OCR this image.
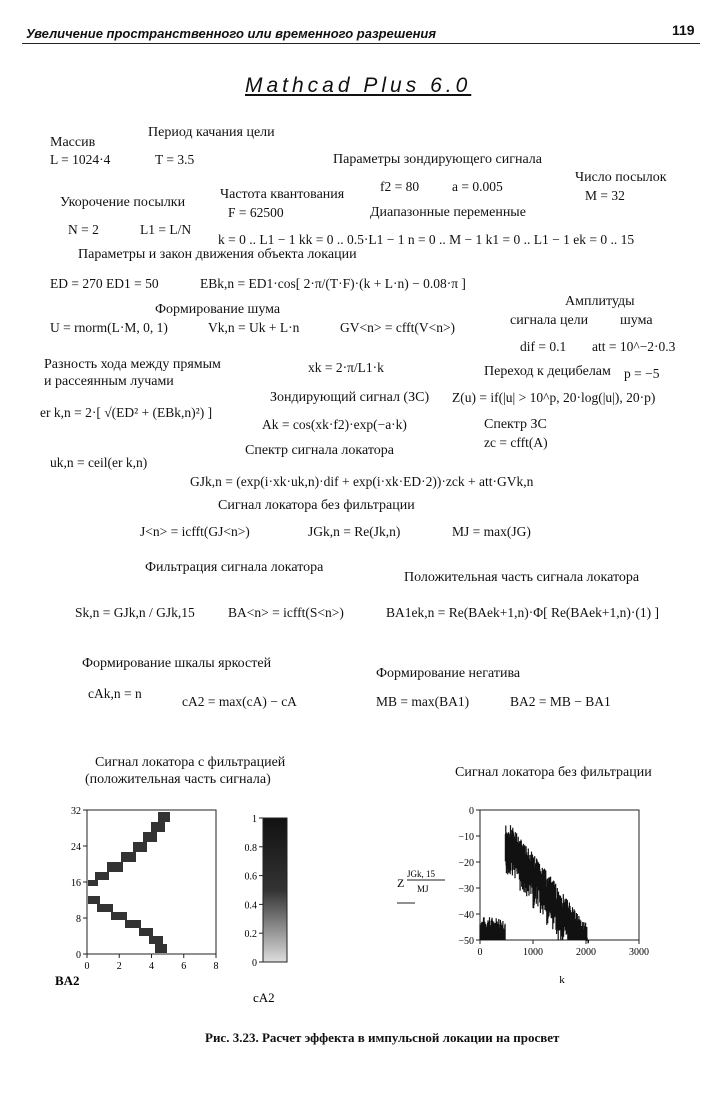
Увеличение пространственного или временного разрешения	119
Mathcad Plus 6.0
Массив
Период качания цели
L = 1024·4	T = 3.5	Параметры зондирующего сигнала
Число посылок
f2 = 80 a = 0.005
M = 32
Частота квантования
Укорочение посылки
F = 62500	Диапазонные переменные
N = 2	L1 = L/N
k = 0 .. L1 − 1 kk = 0 .. 0.5·L1 − 1 n = 0 .. M − 1 k1 = 0 .. L1 − 1 ek = 0 .. 15
Параметры и закон движения объекта локации
ED = 270 ED1 = 50	EBk,n = ED1·cos[ 2·π/(T·F)·(k + L·n) − 0.08·π ]
Формирование шума
Амплитуды
сигнала цели шума
U = rnorm(L·M, 0, 1)	Vk,n = Uk + L·n	GV<n> = cfft(V<n>)
dif = 0.1 att = 10^−2·0.3
Разность хода между прямым
и рассеянным лучами
xk = 2·π/L1·k	Переход к децибелам p = −5
Зондирующий сигнал (ЗС) Z(u) = if(|u| > 10^p, 20·log(|u|), 20·p)
er k,n = 2·[ √(ED² + (EBk,n)²) ]
Ak = cos(xk·f2)·exp(−a·k)	Спектр ЗС
zc = cfft(A)
Спектр сигнала локатора
uk,n = ceil(er k,n)
GJk,n = (exp(i·xk·uk,n)·dif + exp(i·xk·ED·2))·zck + att·GVk,n
Сигнал локатора без фильтрации
J<n> = icfft(GJ<n>)	JGk,n = Re(Jk,n)	MJ = max(JG)
Фильтрация сигнала локатора
Положительная часть сигнала локатора
Sk,n = GJk,n / GJk,15 BA<n> = icfft(S<n>)	BA1ek,n = Re(BAek+1,n)·Φ[ Re(BAek+1,n)·(1) ]
Формирование шкалы яркостей
Формирование негатива
cAk,n = n
cA2 = max(cA) − cA	MB = max(BA1)	BA2 = MB − BA1
Сигнал локатора с фильтрацией
(положительная часть сигнала)	Сигнал локатора без фильтрации
0
8
16
24
32
0	2	4	6	8
BA2
0
0.2
0.4
0.6
0.8
1
cA2
0
−10
−20
−30
−40
−50
0	1000	2000	3000
Z
JGk, 15
MJ
k
Рис. 3.23. Расчет эффекта в импульсной локации на просвет
